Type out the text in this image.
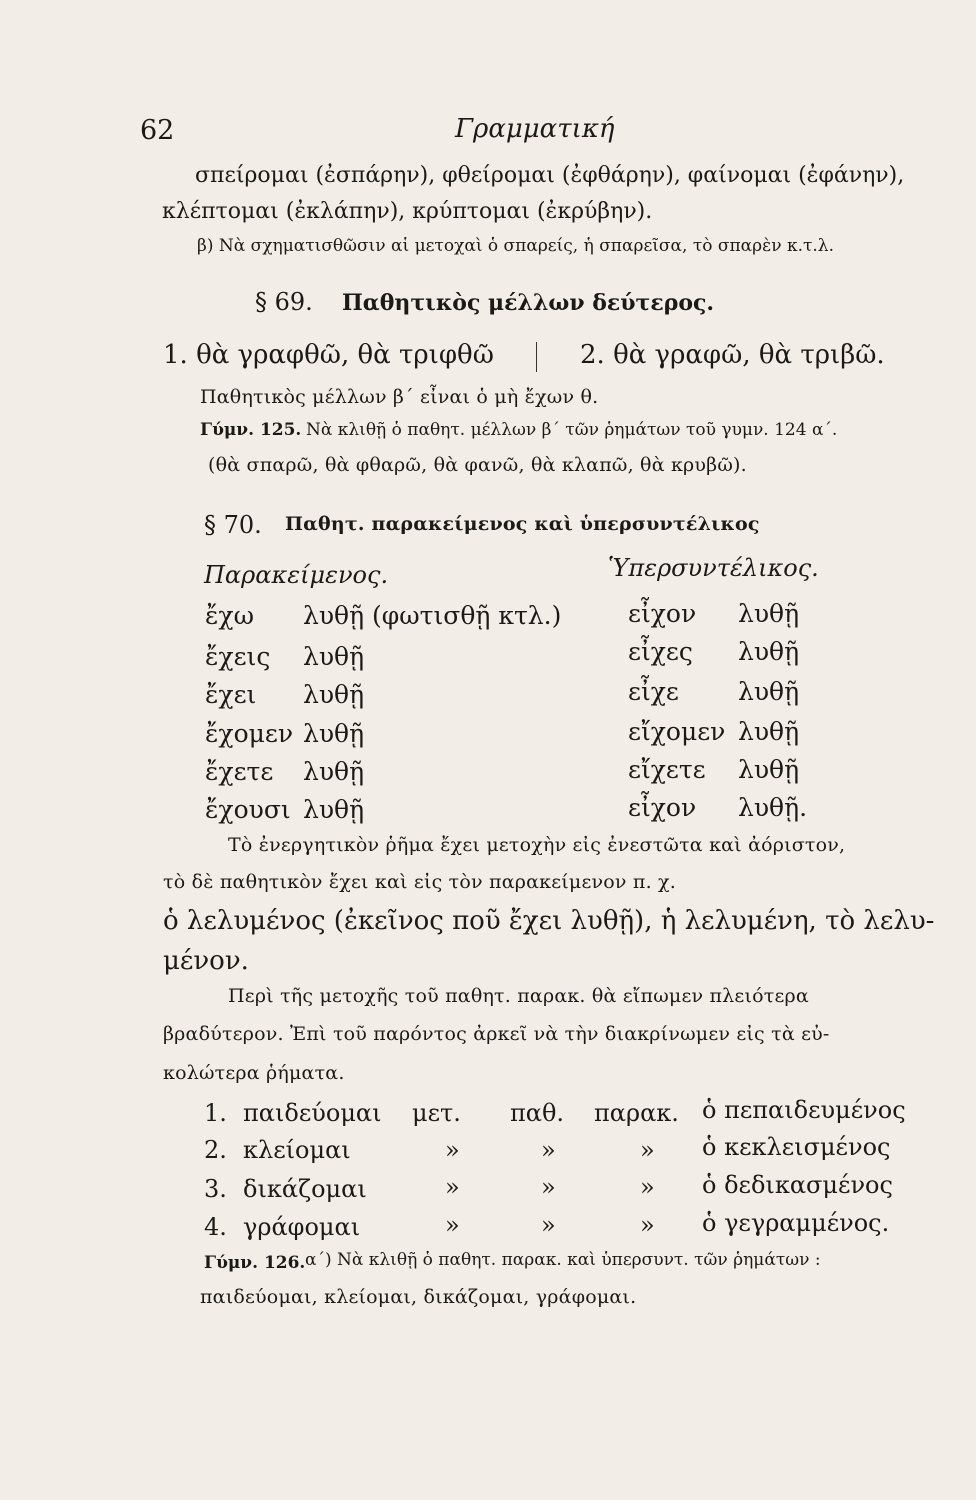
62	Γραμματική
σπείρομαι (ἐσπάρην), φθείρομαι (ἐφθάρην), φαίνομαι (ἐφάνην),
κλέπτομαι (ἐκλάπην), κρύπτομαι (ἐκρύβην).
β) Νὰ σχηματισθῶσιν αἱ μετοχαὶ ὁ σπαρείς, ἡ σπαρεῖσα, τὸ σπαρὲν κ.τ.λ.
§ 69. Παθητικὸς μέλλων δεύτερος.
1. θὰ γραφθῶ, θὰ τριφθῶ	2. θὰ γραφῶ, θὰ τριβῶ.
Παθητικὸς μέλλων β΄ εἶναι ὁ μὴ ἔχων θ.
Γύμν. 125. Νὰ κλιθῇ ὁ παθητ. μέλλων β΄ τῶν ῥημάτων τοῦ γυμν. 124 α΄.
(θὰ σπαρῶ, θὰ φθαρῶ, θὰ φανῶ, θὰ κλαπῶ, θὰ κρυβῶ).
§ 70. Παθητ. παρακείμενος καὶ ὑπερσυντέλικος
Παρακείμενος.	Ὑπερσυντέλικος.
ἔχω λυθῇ (φωτισθῇ κτλ.)	εἶχον λυθῇ
ἔχεις λυθῇ	εἶχες λυθῇ
ἔχει λυθῇ	εἶχε λυθῇ
ἔχομεν λυθῇ	εἴχομεν λυθῇ
ἔχετε λυθῇ	εἴχετε λυθῇ
ἔχουσι λυθῇ	εἶχον λυθῇ.
Τὸ ἐνεργητικὸν ῥῆμα ἔχει μετοχὴν εἰς ἐνεστῶτα καὶ ἀόριστον,
τὸ δὲ παθητικὸν ἔχει καὶ εἰς τὸν παρακείμενον π. χ.
ὁ λελυμένος (ἐκεῖνος ποῦ ἔχει λυθῇ), ἡ λελυμένη, τὸ λελυ-
μένον.
Περὶ τῆς μετοχῆς τοῦ παθητ. παρακ. θὰ εἴπωμεν πλειότερα
βραδύτερον. Ἐπὶ τοῦ παρόντος ἀρκεῖ νὰ τὴν διακρίνωμεν εἰς τὰ εὐ-
κολώτερα ῥήματα.
1. παιδεύομαι μετ. παθ. παρακ. ὁ πεπαιδευμένος
2. κλείομαι	»	»	» ὁ κεκλεισμένος
3. δικάζομαι	»	»	» ὁ δεδικασμένος
4. γράφομαι	»	»	» ὁ γεγραμμένος.
Γύμν. 126. α΄) Νὰ κλιθῇ ὁ παθητ. παρακ. καὶ ὑπερσυντ. τῶν ῥημάτων :
παιδεύομαι, κλείομαι, δικάζομαι, γράφομαι.
